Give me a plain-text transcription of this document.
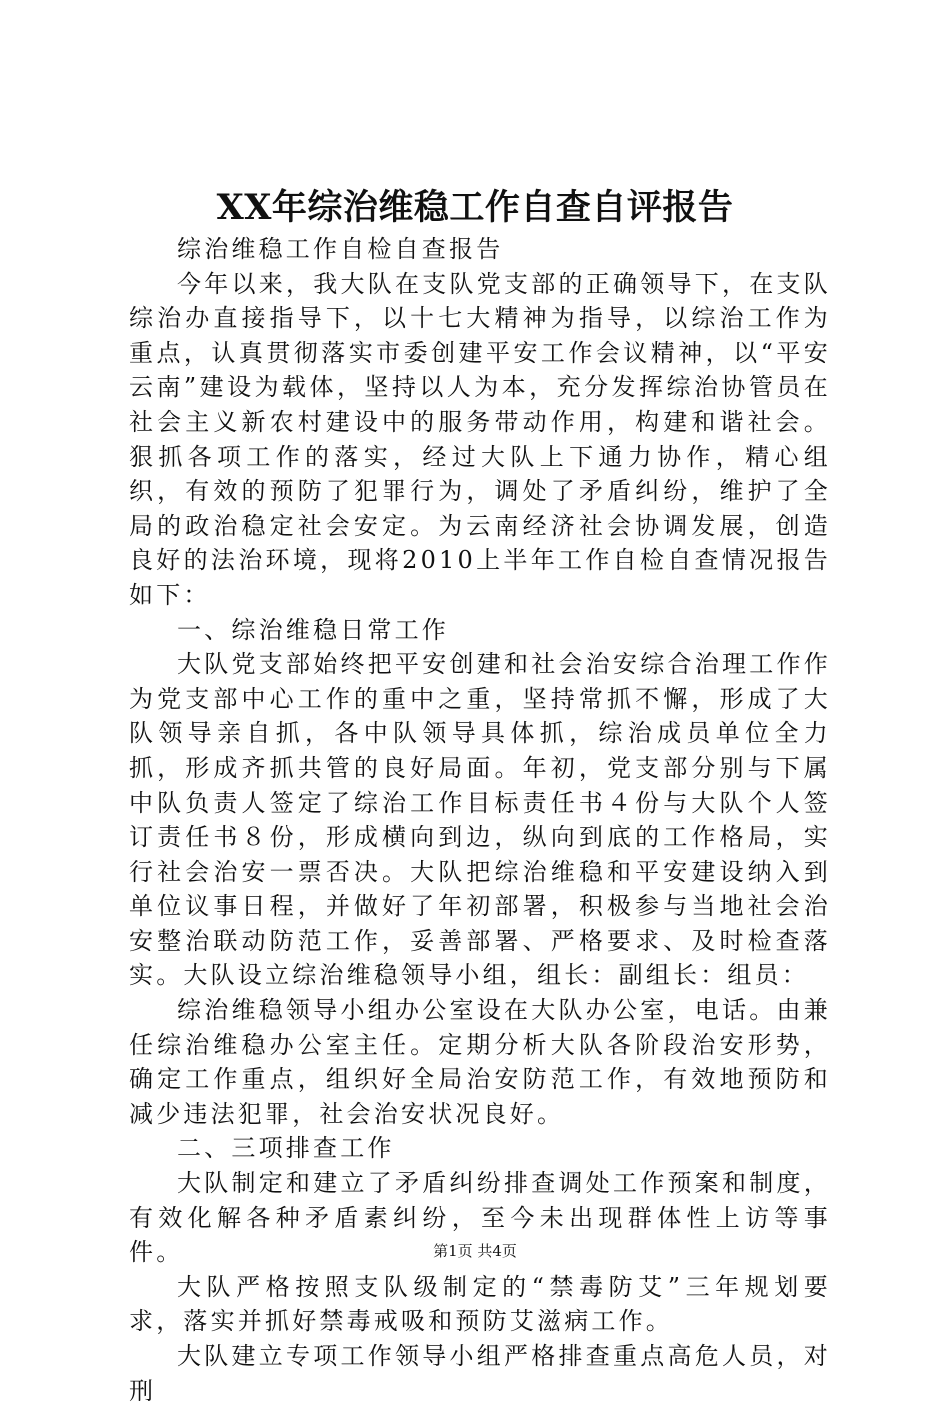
XX年综治维稳工作自查自评报告

综治维稳工作自检自查报告

今年以来，我大队在支队党支部的正确领导下，在支队综治办直接指导下，以十七大精神为指导，以综治工作为重点，认真贯彻落实市委创建平安工作会议精神，以“平安云南”建设为载体，坚持以人为本，充分发挥综治协管员在社会主义新农村建设中的服务带动作用，构建和谐社会。狠抓各项工作的落实，经过大队上下通力协作，精心组织，有效的预防了犯罪行为，调处了矛盾纠纷，维护了全局的政治稳定社会安定。为云南经济社会协调发展，创造良好的法治环境，现将2010上半年工作自检自查情况报告如下：

一、综治维稳日常工作

大队党支部始终把平安创建和社会治安综合治理工作作为党支部中心工作的重中之重，坚持常抓不懈，形成了大队领导亲自抓，各中队领导具体抓，综治成员单位全力抓，形成齐抓共管的良好局面。年初，党支部分别与下属中队负责人签定了综治工作目标责任书４份与大队个人签订责任书８份，形成横向到边，纵向到底的工作格局，实行社会治安一票否决。大队把综治维稳和平安建设纳入到单位议事日程，并做好了年初部署，积极参与当地社会治安整治联动防范工作，妥善部署、严格要求、及时检查落实。大队设立综治维稳领导小组，组长：副组长：组员：

综治维稳领导小组办公室设在大队办公室，电话。由兼任综治维稳办公室主任。定期分析大队各阶段治安形势，确定工作重点，组织好全局治安防范工作，有效地预防和减少违法犯罪，社会治安状况良好。

二、三项排查工作

大队制定和建立了矛盾纠纷排查调处工作预案和制度，有效化解各种矛盾素纠纷，至今未出现群体性上访等事件。

大队严格按照支队级制定的“禁毒防艾”三年规划要求，落实并抓好禁毒戒吸和预防艾滋病工作。

大队建立专项工作领导小组严格排查重点高危人员，对刑

第1页 共4页
